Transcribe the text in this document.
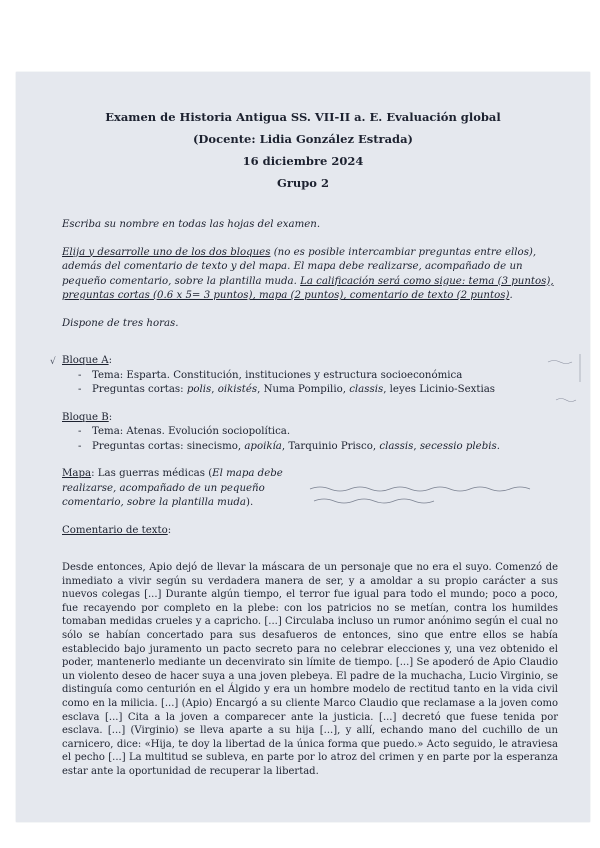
Examen de Historia Antigua SS. VII-II a. E. Evaluación global

(Docente: Lidia González Estrada)

16 diciembre 2024

Grupo 2

Escriba su nombre en todas las hojas del examen.

Elija y desarrolle uno de los dos bloques (no es posible intercambiar preguntas entre ellos), además del comentario de texto y del mapa. El mapa debe realizarse, acompañado de un pequeño comentario, sobre la plantilla muda. La calificación será como sigue: tema (3 puntos), preguntas cortas (0.6 x 5= 3 puntos), mapa (2 puntos), comentario de texto (2 puntos).

Dispone de tres horas.

√ Bloque A:

- Tema: Esparta. Constitución, instituciones y estructura socioeconómica
- Preguntas cortas: polis, oikistés, Numa Pompilio, classis, leyes Licinio-Sextias

Bloque B:

- Tema: Atenas. Evolución sociopolítica.
- Preguntas cortas: sinecismo, apoikía, Tarquinio Prisco, classis, secessio plebis.

Mapa: Las guerras médicas (El mapa debe realizarse, acompañado de un pequeño comentario, sobre la plantilla muda).

Comentario de texto:

Desde entonces, Apio dejó de llevar la máscara de un personaje que no era el suyo. Comenzó de inmediato a vivir según su verdadera manera de ser, y a amoldar a su propio carácter a sus nuevos colegas [...] Durante algún tiempo, el terror fue igual para todo el mundo; poco a poco, fue recayendo por completo en la plebe: con los patricios no se metían, contra los humildes tomaban medidas crueles y a capricho. [...] Circulaba incluso un rumor anónimo según el cual no sólo se habían concertado para sus desafueros de entonces, sino que entre ellos se había establecido bajo juramento un pacto secreto para no celebrar elecciones y, una vez obtenido el poder, mantenerlo mediante un decenvirato sin límite de tiempo. [...] Se apoderó de Apio Claudio un violento deseo de hacer suya a una joven plebeya. El padre de la muchacha, Lucio Virginio, se distinguía como centurión en el Álgido y era un hombre modelo de rectitud tanto en la vida civil como en la milicia. [...] (Apio) Encargó a su cliente Marco Claudio que reclamase a la joven como esclava [...] Cita a la joven a comparecer ante la justicia. [...] decretó que fuese tenida por esclava. [...] (Virginio) se lleva aparte a su hija [...], y allí, echando mano del cuchillo de un carnicero, dice: «Hija, te doy la libertad de la única forma que puedo.» Acto seguido, le atraviesa el pecho [...] La multitud se subleva, en parte por lo atroz del crimen y en parte por la esperanza estar ante la oportunidad de recuperar la libertad.
